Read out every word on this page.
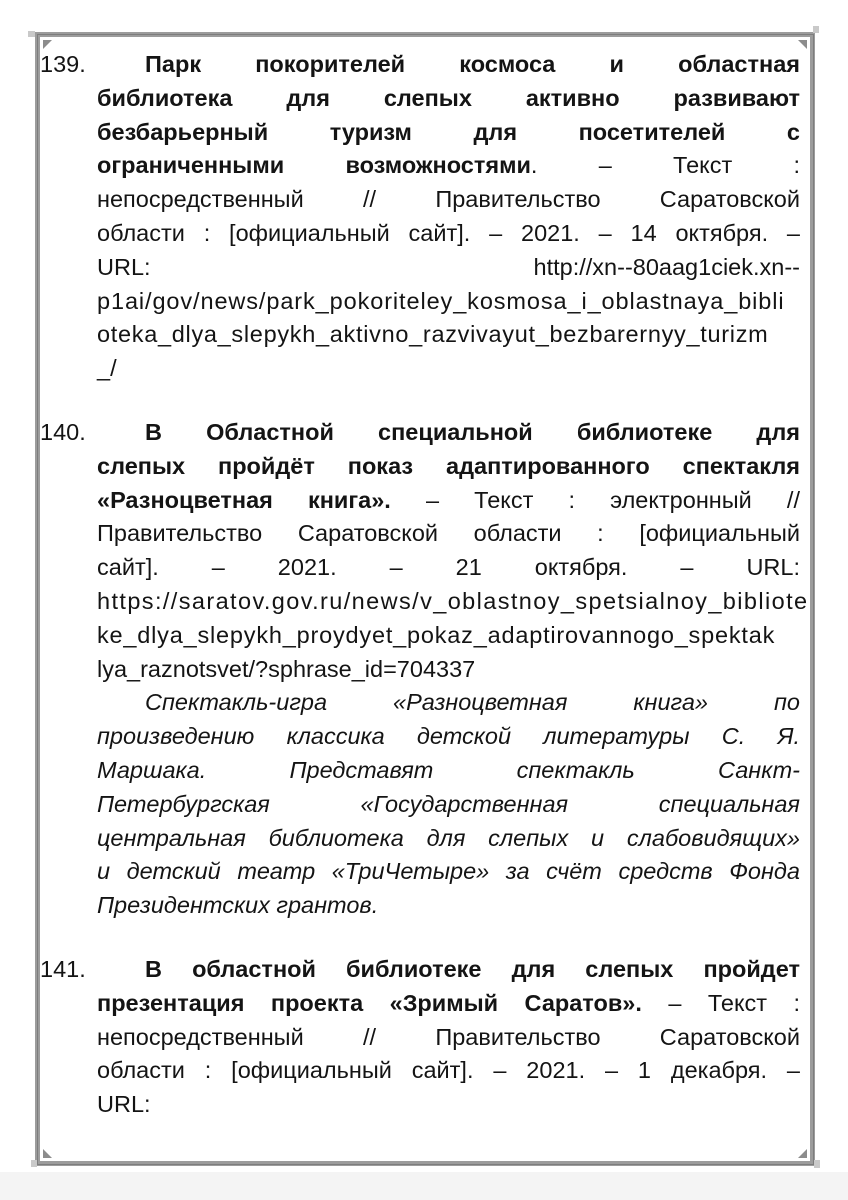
139.	Парк покорителей космоса и областная
библиотека для слепых активно развивают
безбарьерный туризм для посетителей с
ограниченными возможностями. – Текст :
непосредственный // Правительство Саратовской
области : [официальный сайт]. – 2021. – 14 октября. –
URL: http://xn--80aag1ciek.xn--
p1ai/gov/news/park_pokoriteley_kosmosa_i_oblastnaya_bibli
oteka_dlya_slepykh_aktivno_razvivayut_bezbarernyy_turizm
_/
140.	В Областной специальной библиотеке для
слепых пройдёт показ адаптированного спектакля
«Разноцветная книга». – Текст : электронный //
Правительство Саратовской области : [официальный
сайт]. – 2021. – 21 октября. – URL:
https://saratov.gov.ru/news/v_oblastnoy_spetsialnoy_bibliote
ke_dlya_slepykh_proydyet_pokaz_adaptirovannogo_spektak
lya_raznotsvet/?sphrase_id=704337
Спектакль-игра «Разноцветная книга» по
произведению классика детской литературы С. Я.
Маршака. Представят спектакль Санкт-
Петербургская «Государственная специальная
центральная библиотека для слепых и слабовидящих»
и детский театр «ТриЧетыре» за счёт средств Фонда
Президентских грантов.
141.	В областной библиотеке для слепых пройдет
презентация проекта «Зримый Саратов». – Текст :
непосредственный // Правительство Саратовской
области : [официальный сайт]. – 2021. – 1 декабря. –
URL:
